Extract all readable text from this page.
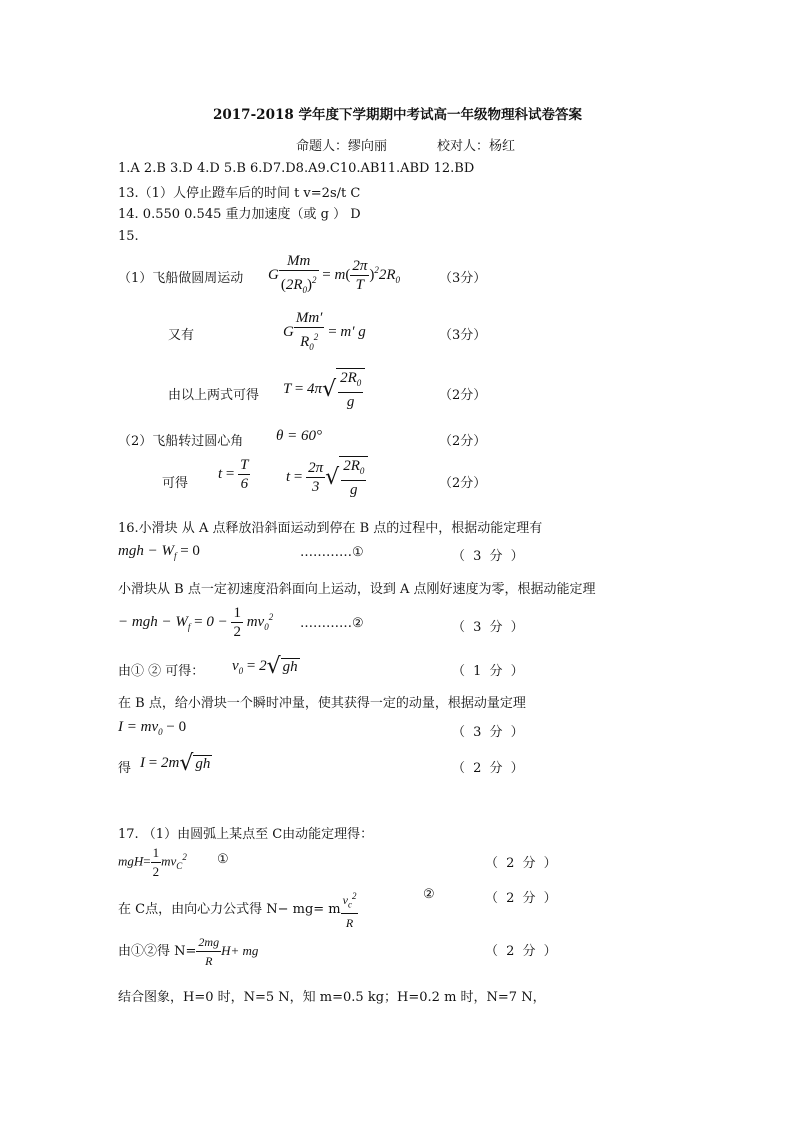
2017-2018 学年度下学期期中考试高一年级物理科试卷答案
命题人：缪向丽	校对人：杨红
1.A 2.B 3.D 4.D 5.B 6.D7.D8.A9.C10.AB11.ABD 12.BD
13.（1）人停止蹬车后的时间 t v=2s/t C
14. 0.550 0.545 重力加速度（或 g ） D
15.
（1）飞船做圆周运动 G $\frac{Mm}{(2R_0)^2} = m( \frac{2\pi}{T} )^22R_0$	（3分）
又有	G $\frac{Mm'}{R_0^2} = m'$ g	（3分）
由以上两式可得 $T = 4\pi√ \frac{2R_0}{g}$	（2分）
（2）飞船转过圆心角 θ = 60°	（2分）
可得
$t = \frac{T}{6}$ $t = \frac{2\pi}{3}$ √ $\frac{2R_0}{g}$	（2分）
16.小滑块 从 A 点释放沿斜面运动到停在 B 点的过程中，根据动能定理有
mgh − $W_f = 0$	…………①	（ 3 分 ）
小滑块从 B 点一定初速度沿斜面向上运动，设到 A 点刚好速度为零，根据动能定理
− mgh − $W_f = 0 - \frac{1}{2} mv_0^2$ …………②	（ 3 分 ）
由① ② 可得： $v_0 = 2√$ gh	（ 1 分 ）
在 B 点，给小滑块一个瞬时冲量，使其获得一定的动量，根据动量定理
$I = mv_0 - 0$	（ 3 分 ）
得 I = 2m√ gh	（ 2 分 ）
17. （1）由圆弧上某点至 C由动能定理得：
$mgH= \frac{1}{2} mv_C^2$ ①	（ 2 分 ）
在 C点，由向心力公式得 N− mg= m $\frac{v_c^2}{R}$	②	（ 2 分 ）
由①②得 $N= \frac{2mg}{R} H+$ mg	（ 2 分 ）
结合图象，H=0 时，N=5 N，知 m=0.5 kg；H=0.2 m 时，N=7 N，
